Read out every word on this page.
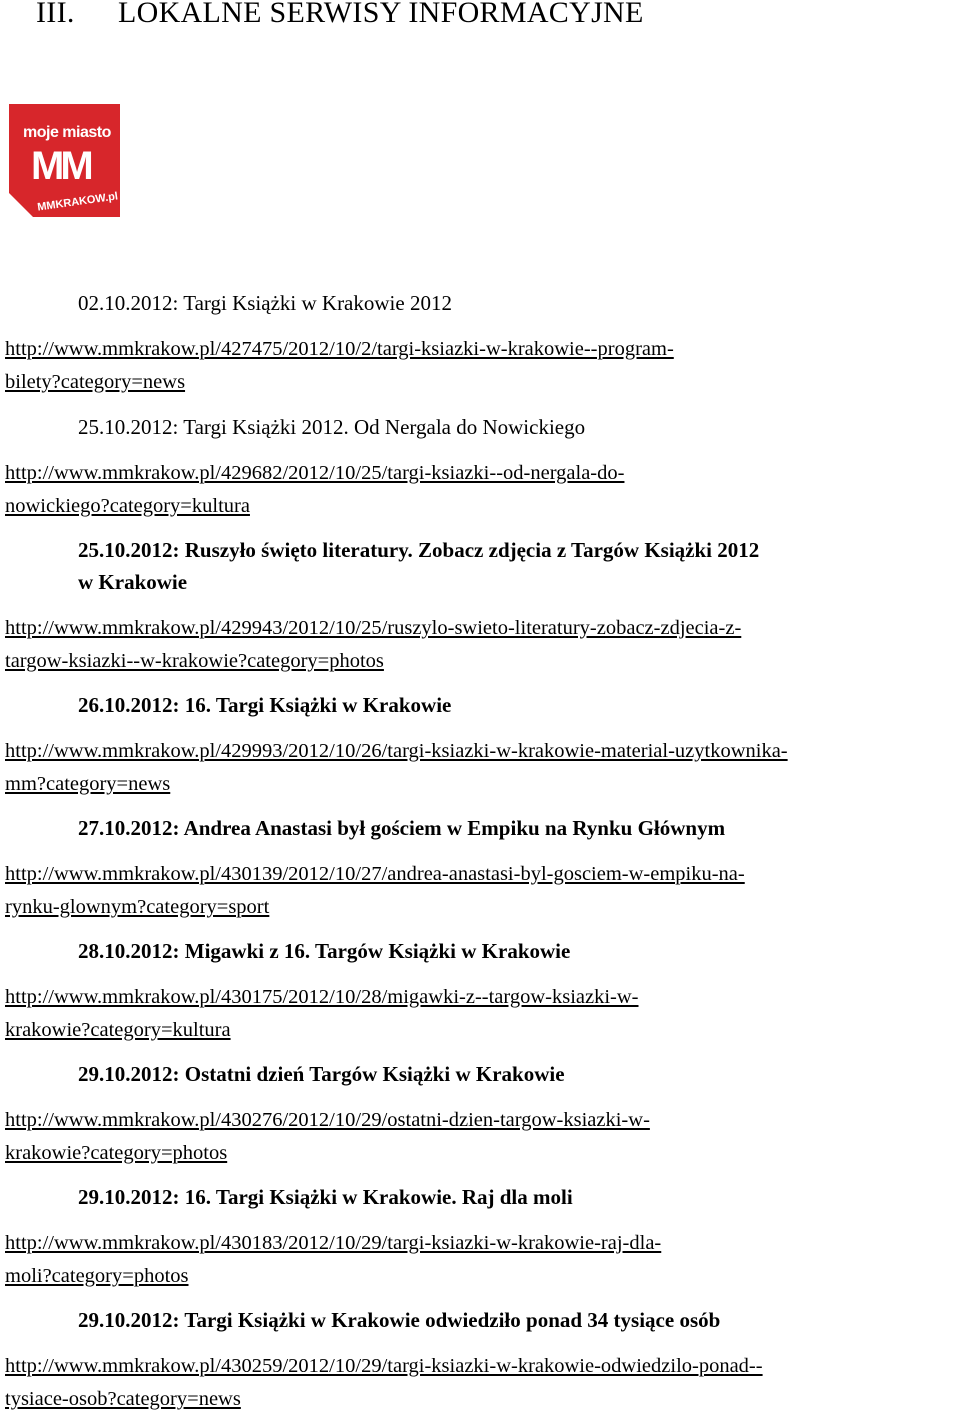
III. LOKALNE SERWISY INFORMACYJNE
moje miasto
MM
MMKRAKOW.pl

02.10.2012: Targi Książki w Krakowie 2012

http://www.mmkrakow.pl/427475/2012/10/2/targi-ksiazki-w-krakowie--program-
bilety?category=news

25.10.2012: Targi Książki 2012. Od Nergala do Nowickiego

http://www.mmkrakow.pl/429682/2012/10/25/targi-ksiazki--od-nergala-do-
nowickiego?category=kultura

25.10.2012: Ruszyło święto literatury. Zobacz zdjęcia z Targów Książki 2012
w Krakowie

http://www.mmkrakow.pl/429943/2012/10/25/ruszylo-swieto-literatury-zobacz-zdjecia-z-
targow-ksiazki--w-krakowie?category=photos

26.10.2012: 16. Targi Książki w Krakowie

http://www.mmkrakow.pl/429993/2012/10/26/targi-ksiazki-w-krakowie-material-uzytkownika-
mm?category=news

27.10.2012: Andrea Anastasi był gościem w Empiku na Rynku Głównym

http://www.mmkrakow.pl/430139/2012/10/27/andrea-anastasi-byl-gosciem-w-empiku-na-
rynku-glownym?category=sport

28.10.2012: Migawki z 16. Targów Książki w Krakowie

http://www.mmkrakow.pl/430175/2012/10/28/migawki-z--targow-ksiazki-w-
krakowie?category=kultura

29.10.2012: Ostatni dzień Targów Książki w Krakowie

http://www.mmkrakow.pl/430276/2012/10/29/ostatni-dzien-targow-ksiazki-w-
krakowie?category=photos

29.10.2012: 16. Targi Książki w Krakowie. Raj dla moli

http://www.mmkrakow.pl/430183/2012/10/29/targi-ksiazki-w-krakowie-raj-dla-
moli?category=photos

29.10.2012: Targi Książki w Krakowie odwiedziło ponad 34 tysiące osób

http://www.mmkrakow.pl/430259/2012/10/29/targi-ksiazki-w-krakowie-odwiedzilo-ponad--
tysiace-osob?category=news
